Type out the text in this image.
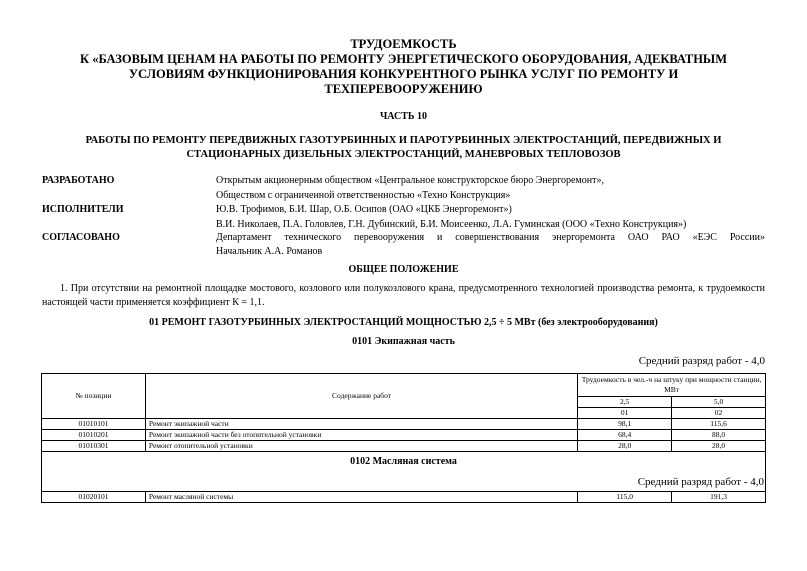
ТРУДОЕМКОСТЬ
К «БАЗОВЫМ ЦЕНАМ НА РАБОТЫ ПО РЕМОНТУ ЭНЕРГЕТИЧЕСКОГО ОБОРУДОВАНИЯ, АДЕКВАТНЫМ
УСЛОВИЯМ ФУНКЦИОНИРОВАНИЯ КОНКУРЕНТНОГО РЫНКА УСЛУГ ПО РЕМОНТУ И
ТЕХПЕРЕВООРУЖЕНИЮ
ЧАСТЬ 10
РАБОТЫ ПО РЕМОНТУ ПЕРЕДВИЖНЫХ ГАЗОТУРБИННЫХ И ПАРОТУРБИННЫХ ЭЛЕКТРОСТАНЦИЙ, ПЕРЕДВИЖНЫХ И
СТАЦИОНАРНЫХ ДИЗЕЛЬНЫХ ЭЛЕКТРОСТАНЦИЙ, МАНЕВРОВЫХ ТЕПЛОВОЗОВ
РАЗРАБОТАНО	Открытым акционерным обществом «Центральное конструкторское бюро Энергоремонт»,
Обществом с ограниченной ответственностью «Техно Конструкция»
ИСПОЛНИТЕЛИ	Ю.В. Трофимов, Б.И. Шар, О.Б. Осипов (ОАО «ЦКБ Энергоремонт»)
В.И. Николаев, П.А. Головлев, Г.Н. Дубинский, Б.И. Моисеенко, Л.А. Гуминская (ООО «Техно Конструкция»)
СОГЛАСОВАНО	Департамент технического перевооружения и совершенствования энергоремонта ОАО РАО «ЕЭС России»
Начальник А.А. Романов
ОБЩЕЕ ПОЛОЖЕНИЕ
1. При отсутствии на ремонтной площадке мостового, козлового или полукозлового крана, предусмотренного технологией производства ремонта, к трудоемкости настоящей части применяется коэффициент К = 1,1.
01 РЕМОНТ ГАЗОТУРБИННЫХ ЭЛЕКТРОСТАНЦИЙ МОЩНОСТЬЮ 2,5 ÷ 5 МВт (без электрооборудования)
0101 Экипажная часть
Средний разряд работ - 4,0
№ позиции	Содержание работ	Трудоемкость в чел.-ч на штуку при мощности станции, МВт	
		2,5	5,0
		01	02
01010101	Ремонт экипажной части	98,1	115,6
01010201	Ремонт экипажной части без отопительной установки	68,4	88,0
01010301	Ремонт отопительной установки	28,0	28,0

0102 Масляная система
Средний разряд работ - 4,0			

01020101	Ремонт масляной системы	115,0	191,3
